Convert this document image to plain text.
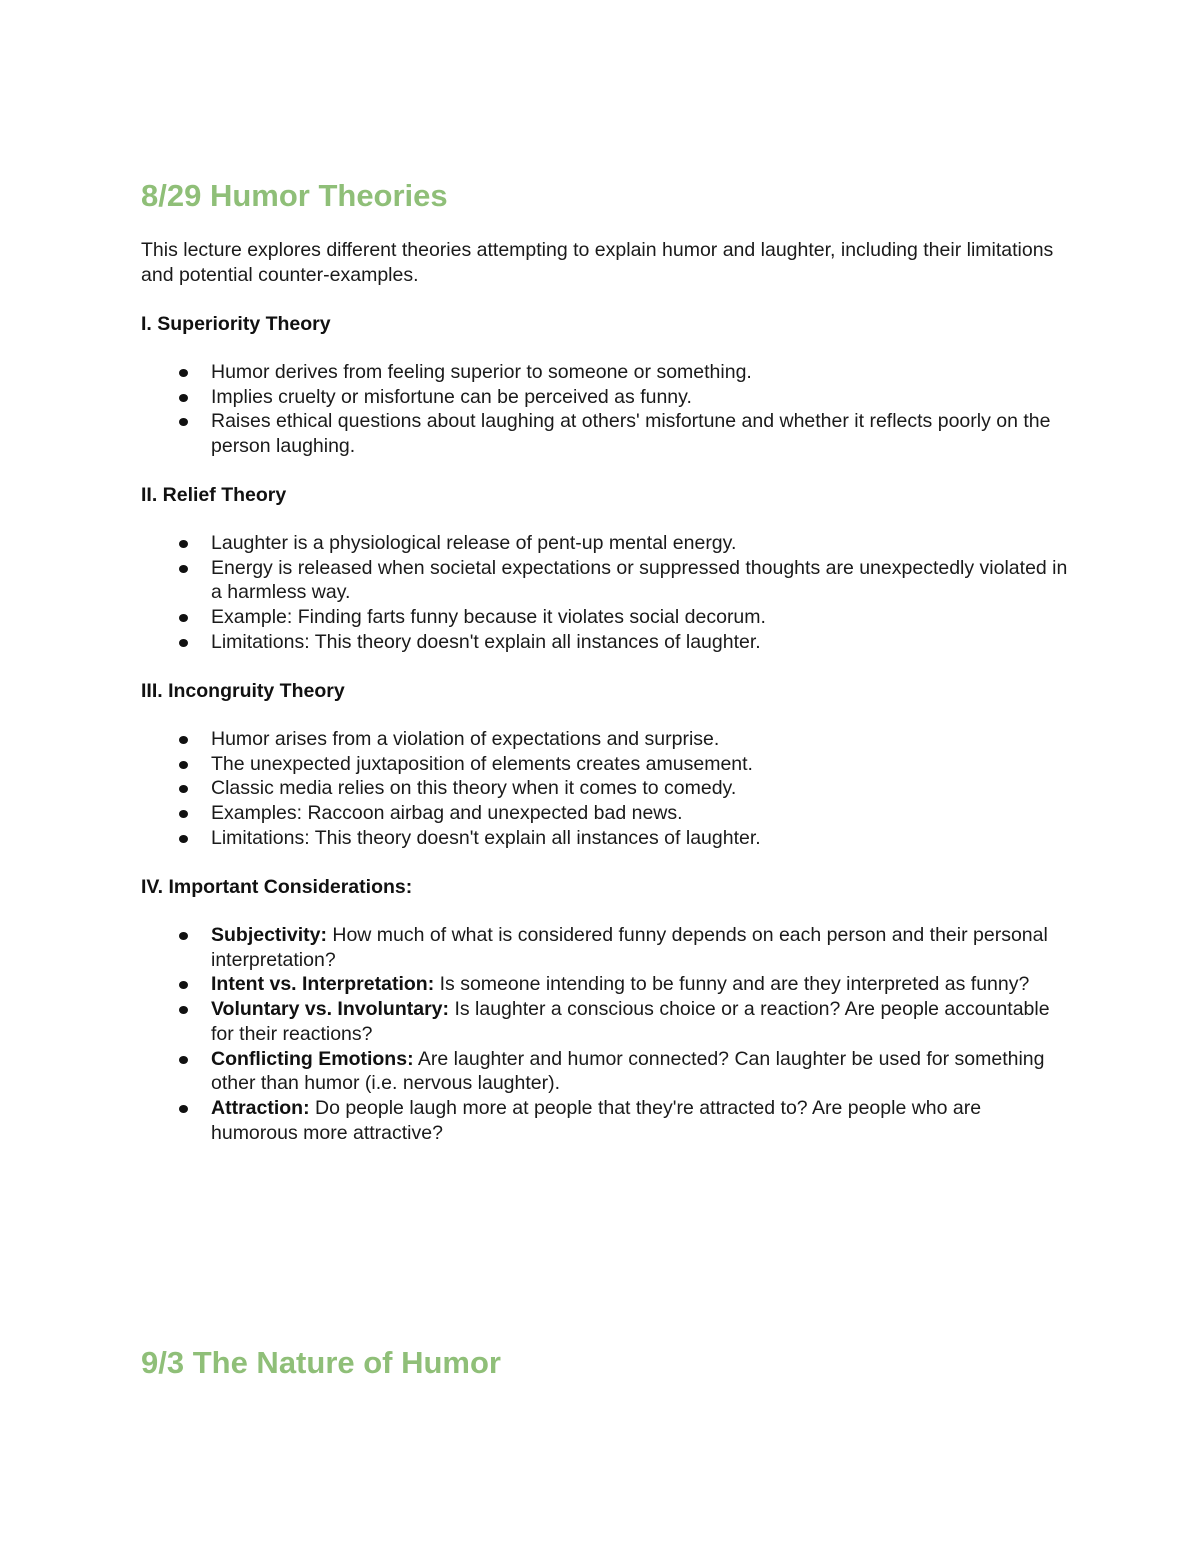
8/29 Humor Theories

This lecture explores different theories attempting to explain humor and laughter, including their limitations and potential counter-examples.

I. Superiority Theory
Humor derives from feeling superior to someone or something.
Implies cruelty or misfortune can be perceived as funny.
Raises ethical questions about laughing at others' misfortune and whether it reflects poorly on the person laughing.
II. Relief Theory
Laughter is a physiological release of pent-up mental energy.
Energy is released when societal expectations or suppressed thoughts are unexpectedly violated in a harmless way.
Example: Finding farts funny because it violates social decorum.
Limitations: This theory doesn't explain all instances of laughter.
III. Incongruity Theory
Humor arises from a violation of expectations and surprise.
The unexpected juxtaposition of elements creates amusement.
Classic media relies on this theory when it comes to comedy.
Examples: Raccoon airbag and unexpected bad news.
Limitations: This theory doesn't explain all instances of laughter.
IV. Important Considerations:
Subjectivity: How much of what is considered funny depends on each person and their personal interpretation?
Intent vs. Interpretation: Is someone intending to be funny and are they interpreted as funny?
Voluntary vs. Involuntary: Is laughter a conscious choice or a reaction? Are people accountable for their reactions?
Conflicting Emotions: Are laughter and humor connected? Can laughter be used for something other than humor (i.e. nervous laughter).
Attraction: Do people laugh more at people that they're attracted to? Are people who are humorous more attractive?
9/3 The Nature of Humor
